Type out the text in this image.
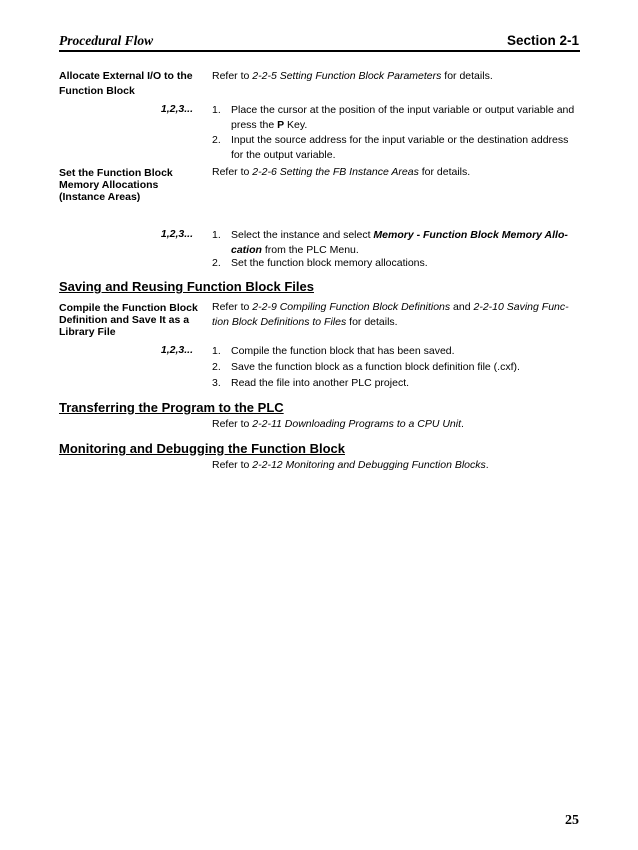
Procedural Flow	Section 2-1
Allocate External I/O to the Function Block
Refer to 2-2-5 Setting Function Block Parameters for details.
1,2,3... 1. Place the cursor at the position of the input variable or output variable and press the P Key.
2. Input the source address for the input variable or the destination address for the output variable.
Set the Function Block Memory Allocations (Instance Areas)
Refer to 2-2-6 Setting the FB Instance Areas for details.
1,2,3... 1. Select the instance and select Memory - Function Block Memory Allo-cation from the PLC Menu.
2. Set the function block memory allocations.
Saving and Reusing Function Block Files
Compile the Function Block Definition and Save It as a Library File
Refer to 2-2-9 Compiling Function Block Definitions and 2-2-10 Saving Func-tion Block Definitions to Files for details.
1,2,3... 1. Compile the function block that has been saved.
2. Save the function block as a function block definition file (.cxf).
3. Read the file into another PLC project.
Transferring the Program to the PLC
Refer to 2-2-11 Downloading Programs to a CPU Unit.
Monitoring and Debugging the Function Block
Refer to 2-2-12 Monitoring and Debugging Function Blocks.
25
